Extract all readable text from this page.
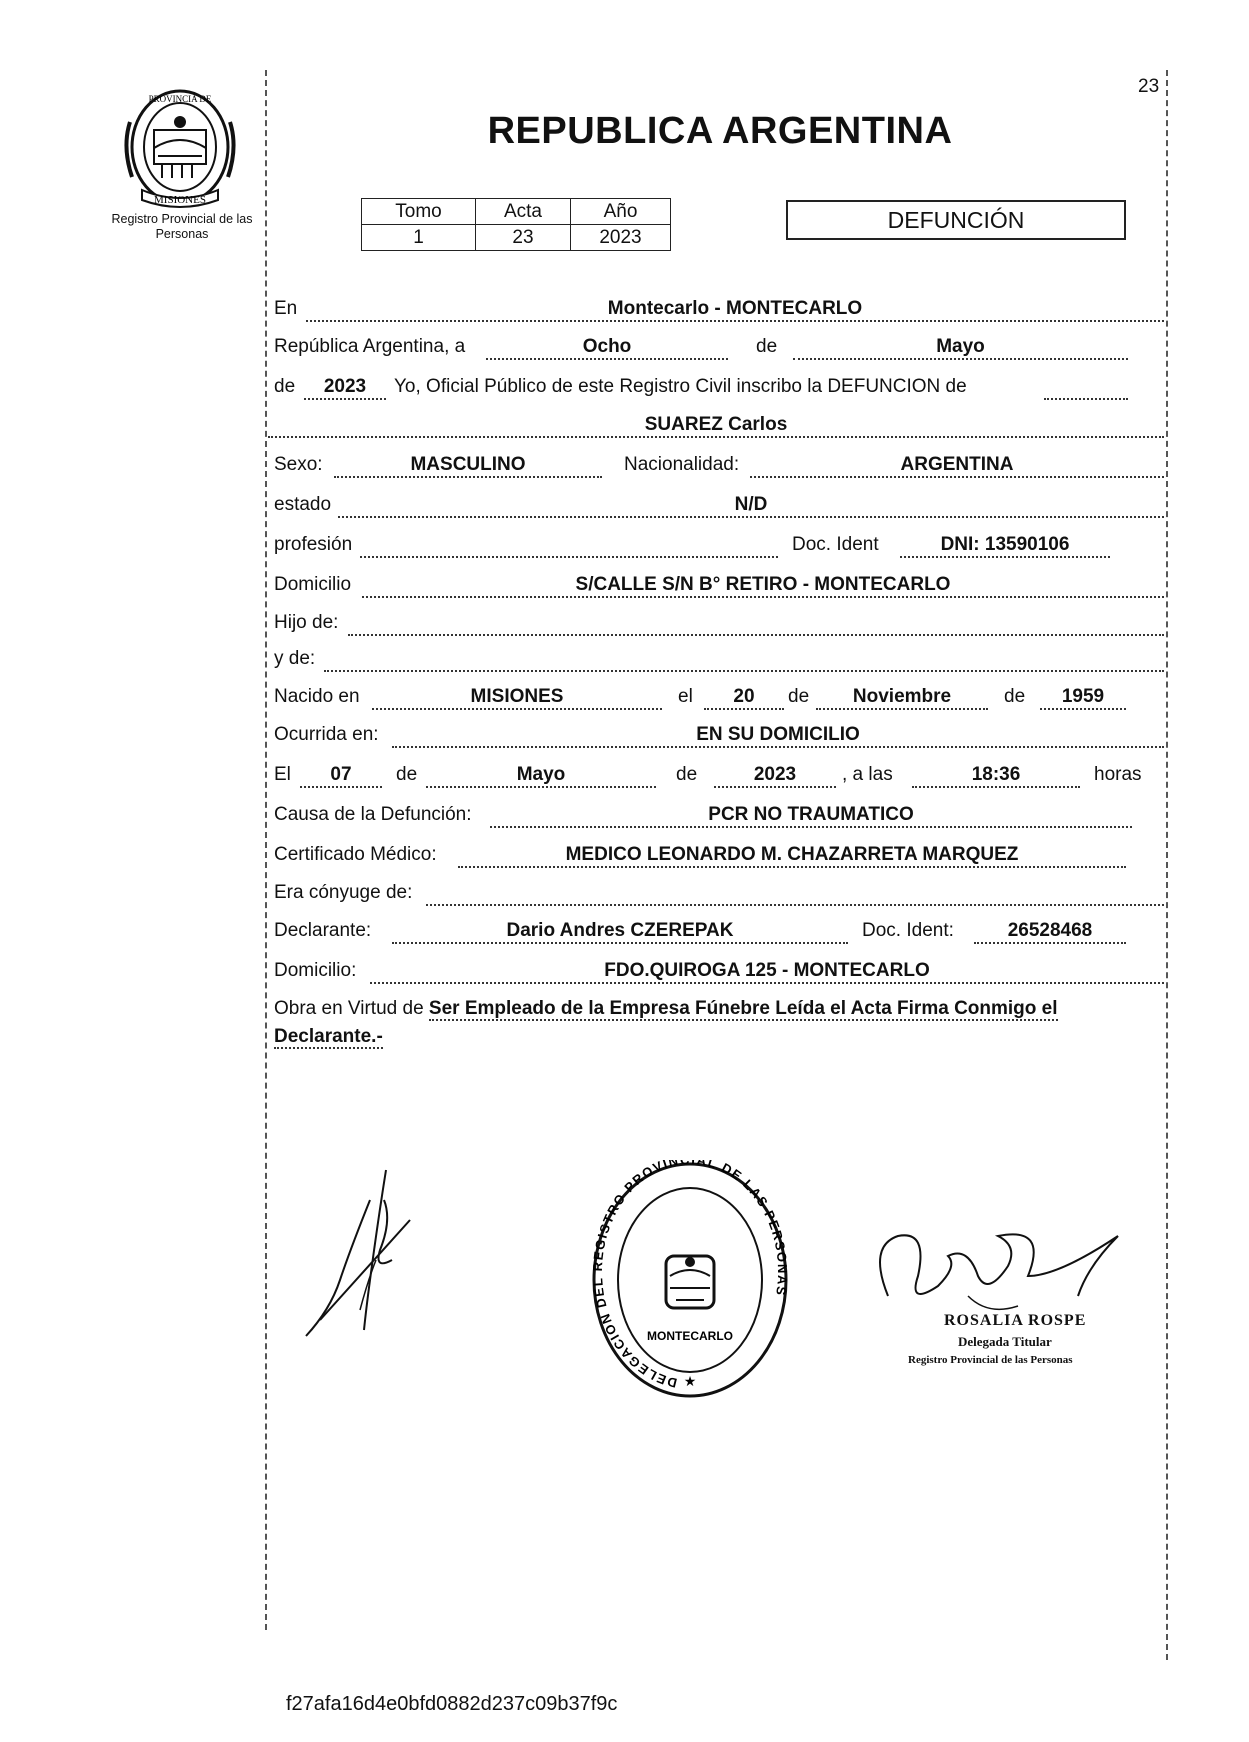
23
PROVINCIA DE
MISIONES
Registro Provincial de las Personas
REPUBLICA ARGENTINA
Tomo	Acta	Año
1	23	2023
DEFUNCIÓN
En	Montecarlo - MONTECARLO
República Argentina, a	Ocho	de	Mayo
de	2023	Yo, Oficial Público de este Registro Civil inscribo la DEFUNCION de
SUAREZ Carlos
Sexo:	MASCULINO	Nacionalidad:	ARGENTINA
estado	N/D
profesión	Doc. Ident	DNI: 13590106
Domicilio	S/CALLE S/N B° RETIRO - MONTECARLO
Hijo de:
y de:
Nacido en	MISIONES	el	20	de	Noviembre	de	1959
Ocurrida en:	EN SU DOMICILIO
El	07	de	Mayo	de	2023	, a las	18:36	horas
Causa de la Defunción:	PCR NO TRAUMATICO
Certificado Médico:	MEDICO LEONARDO M. CHAZARRETA MARQUEZ
Era cónyuge de:
Declarante:	Dario Andres CZEREPAK	Doc. Ident:	26528468
Domicilio:	FDO.QUIROGA 125 - MONTECARLO
Obra en Virtud de Ser Empleado de la Empresa Fúnebre Leída el Acta Firma Conmigo el
Declarante.-
DELEGACION DEL REGISTRO PROVIN AL DE LAS PERSONAS
MONTECARLO
★
ROSALIA ROSPE
Delegada Titular
Registro Provincial de las Personas
f27afa16d4e0bfd0882d237c09b37f9c
